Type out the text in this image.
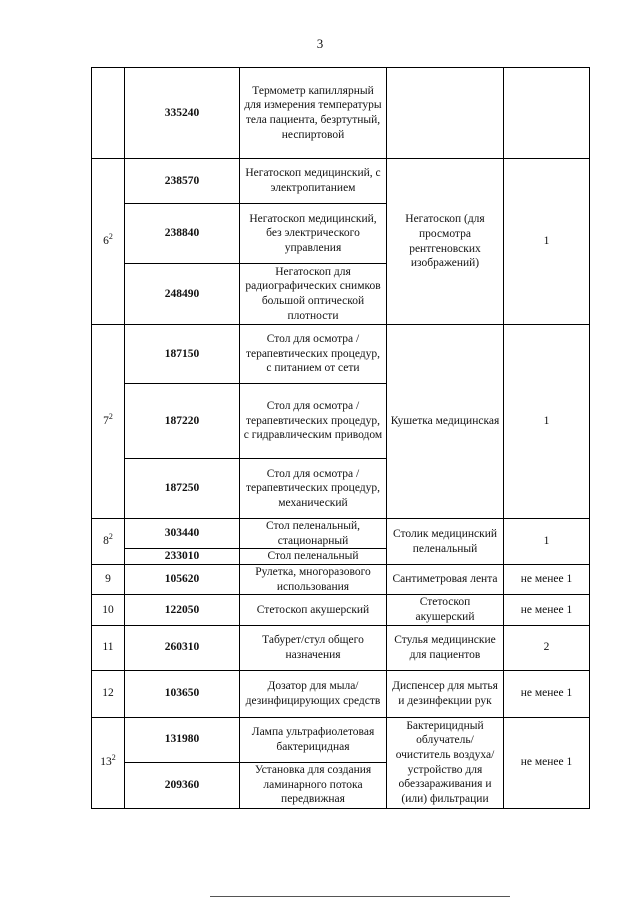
3
	335240	Термометр капиллярный для измерения температуры тела пациента, безртутный, неспиртовой		
$6^2$	238570	Негатоскоп медицинский, с электропитанием	Негатоскоп (для просмотра рентгеновских изображений)	1
	238840	Негатоскоп медицинский, без электрического управления		
	248490	Негатоскоп для радиографических снимков большой оптической плотности		
$7^2$	187150	Стол для осмотра /терапевтических процедур, с питанием от сети	Кушетка медицинская	1
	187220	Стол для осмотра /терапевтических процедур, с гидравлическим приводом		
	187250	Стол для осмотра /терапевтических процедур, механический		
$8^2$	303440	Стол пеленальный, стационарный	Столик медицинский пеленальный	1
	233010	Стол пеленальный		
9	105620	Рулетка, многоразового использования	Сантиметровая лента	не менее 1
10	122050	Стетоскоп акушерский	Стетоскоп акушерский	не менее 1
11	260310	Табурет/стул общего назначения	Стулья медицинские для пациентов	2
12	103650	Дозатор для мыла/ дезинфицирующих средств	Диспенсер для мытья и дезинфекции рук	не менее 1
$13^2$	131980	Лампа ультрафиолетовая бактерицидная	Бактерицидный облучатель/ очиститель воздуха/ устройство для обеззараживания и (или) фильтрации	не менее 1
	209360	Установка для создания ламинарного потока передвижная		
